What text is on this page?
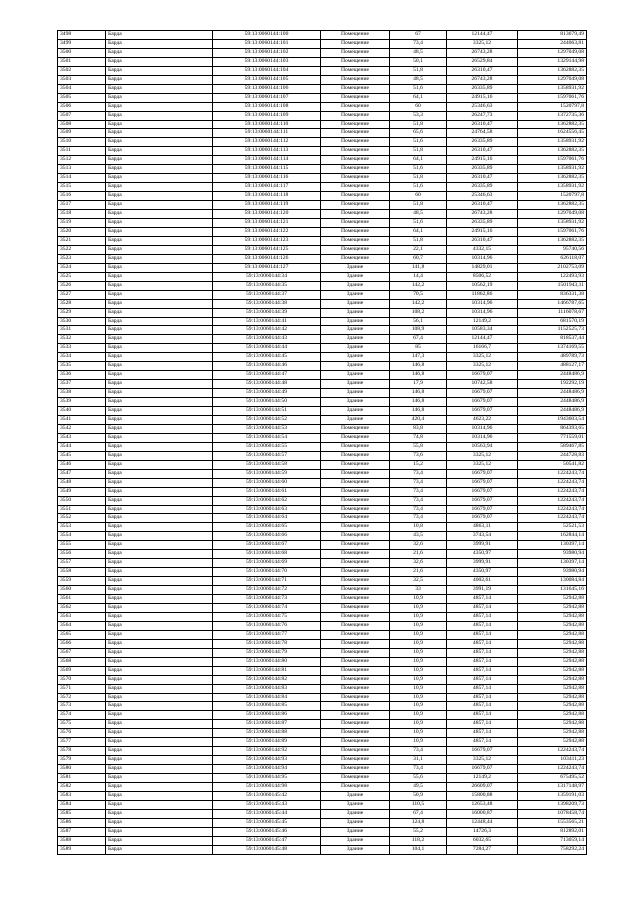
3498	Барда	59:13:0060144:100	Помещение	67	12144,47	813679,49
3499	Барда	59:13:0060144:101	Помещение	73,4	3325,12	244063,81
3500	Барда	59:13:0060144:102	Помещение	48,5	26743,28	1297049,08
3501	Барда	59:13:0060144:103	Помещение	50,1	26529,84	1329144,98
3502	Барда	59:13:0060144:104	Помещение	51,8	26310,47	1362882,35
3503	Барда	59:13:0060144:105	Помещение	48,5	26743,28	1297049,08
3504	Барда	59:13:0060144:106	Помещение	51,6	26335,89	1358931,92
3505	Барда	59:13:0060144:107	Помещение	64,1	24915,16	1597061,76
3506	Барда	59:13:0060144:108	Помещение	60	25346,63	1520797,8
3507	Барда	59:13:0060144:109	Помещение	53,3	26247,73	1372735,36
3508	Барда	59:13:0060144:110	Помещение	51,8	26310,47	1362882,35
3509	Барда	59:13:0060144:111	Помещение	65,6	24764,58	1624556,45
3510	Барда	59:13:0060144:112	Помещение	51,6	26335,89	1358931,92
3511	Барда	59:13:0060144:113	Помещение	51,8	26310,47	1362882,35
3512	Барда	59:13:0060144:114	Помещение	64,1	24915,16	1597061,76
3513	Барда	59:13:0060144:115	Помещение	51,6	26335,89	1358931,92
3514	Барда	59:13:0060144:116	Помещение	51,8	26310,47	1362882,35
3515	Барда	59:13:0060144:117	Помещение	51,6	26335,89	1358931,92
3516	Барда	59:13:0060144:118	Помещение	60	25346,63	1520797,8
3517	Барда	59:13:0060144:119	Помещение	51,8	26310,47	1362882,35
3518	Барда	59:13:0060144:120	Помещение	48,5	26743,28	1297049,08
3519	Барда	59:13:0060144:121	Помещение	51,6	26335,89	1358931,92
3520	Барда	59:13:0060144:122	Помещение	64,1	24915,16	1597061,76
3521	Барда	59:13:0060144:123	Помещение	51,8	26310,47	1362882,35
3522	Барда	59:13:0060144:125	Помещение	22,1	4332,15	95740,56
3523	Барда	59:13:0060144:126	Помещение	60,7	10314,96	626118,07
3524	Барда	59:13:0060144:127	Здание	141,8	14829,01	2102753,09
3525	Барда	59:13:0060144:34	Здание	14,4	8506,52	122493,93
3526	Барда	59:13:0060144:35	Здание	142,2	10562,19	1501943,11
3527	Барда	59:13:0060144:37	Здание	70,5	11862,86	836331,38
3528	Барда	59:13:0060144:38	Здание	142,2	10314,96	1466787,65
3529	Барда	59:13:0060144:39	Здание	108,2	10314,96	1116078,67
3530	Барда	59:13:0060144:41	Здание	56,1	12149,2	681570,19
3531	Барда	59:13:0060144:42	Здание	108,9	10583,34	1152525,73
3532	Барда	59:13:0060144:43	Здание	67,4	12144,47	818537,44
3533	Барда	59:13:0060144:44	Здание	85	16166,7	1374169,55
3534	Барда	59:13:0060144:45	Здание	147,3	3325,12	489789,73
3535	Барда	59:13:0060144:46	Здание	146,8	3325,12	488127,17
3536	Барда	59:13:0060144:47	Здание	146,8	16679,07	2448486,9
3537	Барда	59:13:0060144:48	Здание	17,9	10742,58	192292,19
3538	Барда	59:13:0060144:49	Здание	146,8	16679,07	2448486,9
3539	Барда	59:13:0060144:50	Здание	146,8	16679,07	2448486,9
3540	Барда	59:13:0060144:51	Здание	146,8	16679,07	2448486,9
3541	Барда	59:13:0060144:52	Здание	420,4	4623,22	1943603,54
3542	Барда	59:13:0060144:53	Помещение	83,8	10314,96	864393,65
3543	Барда	59:13:0060144:54	Помещение	74,8	10314,96	771559,01
3544	Барда	59:13:0060144:55	Помещение	55,8	10563,94	589467,85
3545	Барда	59:13:0060144:57	Помещение	73,6	3325,12	244728,83
3546	Барда	59:13:0060144:58	Помещение	15,2	3325,12	50541,82
3547	Барда	59:13:0060144:59	Помещение	73,4	16679,07	1224243,74
3548	Барда	59:13:0060144:60	Помещение	73,4	16679,07	1224243,74
3549	Барда	59:13:0060144:61	Помещение	73,4	16679,07	1224243,74
3550	Барда	59:13:0060144:62	Помещение	73,4	16679,07	1224243,74
3551	Барда	59:13:0060144:63	Помещение	73,4	16679,07	1224243,74
3552	Барда	59:13:0060144:64	Помещение	73,4	16679,07	1224243,74
3553	Барда	59:13:0060144:65	Помещение	10,8	4863,11	52521,53
3554	Барда	59:13:0060144:66	Помещение	43,5	3743,54	162844,14
3555	Барда	59:13:0060144:67	Помещение	32,6	3999,91	130397,14
3556	Барда	59:13:0060144:68	Помещение	21,6	4350,97	93980,94
3557	Барда	59:13:0060144:69	Помещение	32,6	3999,91	130397,14
3558	Барда	59:13:0060144:70	Помещение	21,6	4350,97	93980,94
3559	Барда	59:13:0060144:71	Помещение	32,5	4002,61	130084,84
3560	Барда	59:13:0060144:72	Помещение	33	3991,19	131645,16
3561	Барда	59:13:0060144:73	Помещение	10,9	4857,14	52942,88
3562	Барда	59:13:0060144:74	Помещение	10,9	4857,14	52942,88
3563	Барда	59:13:0060144:75	Помещение	10,9	4857,14	52942,88
3564	Барда	59:13:0060144:76	Помещение	10,9	4857,14	52942,88
3565	Барда	59:13:0060144:77	Помещение	10,9	4857,14	52942,88
3566	Барда	59:13:0060144:78	Помещение	10,9	4857,14	52942,88
3567	Барда	59:13:0060144:79	Помещение	10,9	4857,14	52942,88
3568	Барда	59:13:0060144:80	Помещение	10,9	4857,14	52942,88
3569	Барда	59:13:0060144:81	Помещение	10,9	4857,14	52942,88
3570	Барда	59:13:0060144:82	Помещение	10,9	4857,14	52942,88
3571	Барда	59:13:0060144:83	Помещение	10,9	4857,14	52942,88
3572	Барда	59:13:0060144:84	Помещение	10,9	4857,14	52942,88
3573	Барда	59:13:0060144:85	Помещение	10,9	4857,14	52942,88
3574	Барда	59:13:0060144:86	Помещение	10,9	4857,14	52942,88
3575	Барда	59:13:0060144:87	Помещение	10,9	4857,14	52942,88
3576	Барда	59:13:0060144:88	Помещение	10,9	4857,14	52942,88
3577	Барда	59:13:0060144:89	Помещение	10,9	4857,14	52942,88
3578	Барда	59:13:0060144:92	Помещение	73,4	16679,07	1224243,74
3579	Барда	59:13:0060144:93	Помещение	31,1	3325,12	103411,23
3580	Барда	59:13:0060144:94	Помещение	73,4	16679,07	1224243,74
3581	Барда	59:13:0060144:95	Помещение	55,6	12149,2	675495,52
3582	Барда	59:13:0060144:98	Помещение	49,5	26609,07	1317148,97
3583	Барда	59:13:0060145:42	Здание	50,9	15800,88	1359191,03
3584	Барда	59:13:0060145:43	Здание	110,5	12653,48	1398209,73
3585	Барда	59:13:0060145:44	Здание	67,4	16000,87	1078458,74
3586	Барда	59:13:0060145:45	Здание	124,8	12448,44	1553565,21
3587	Барда	59:13:0060145:46	Здание	55,2	14726,3	812892,01
3588	Барда	59:13:0060145:47	Здание	118,2	6032,65	713059,14
3589	Барда	59:13:0060145:48	Здание	104,1	7284,27	758292,24
